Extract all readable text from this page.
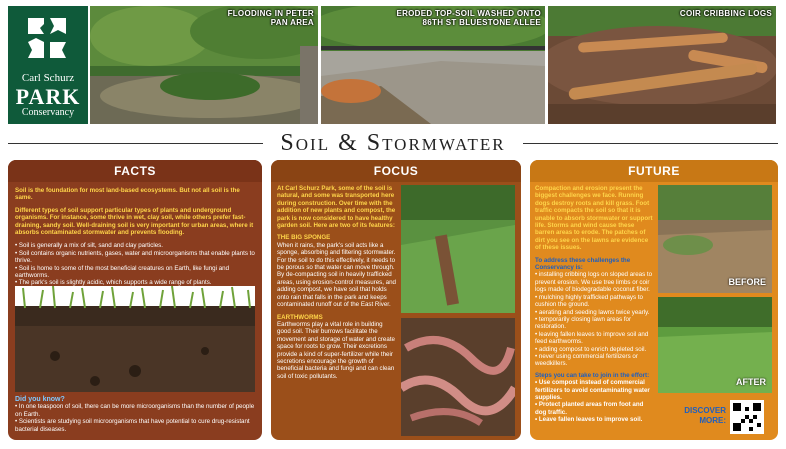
Carl Schurz
PARK
Conservancy
FLOODING IN PETER PAN AREA
ERODED TOP-SOIL WASHED ONTO 86TH ST BLUESTONE ALLEE
COIR CRIBBING LOGS
Soil & Stormwater
FACTS
Soil is the foundation for most land-based ecosystems. But not all soil is the same.
Different types of soil support particular types of plants and underground organisms. For instance, some thrive in wet, clay soil, while others prefer fast-draining, sandy soil. Well-draining soil is very important for urban areas, where it absorbs contaminated stormwater and prevents flooding.
• Soil is generally a mix of silt, sand and clay particles.
• Soil contains organic nutrients, gases, water and microorganisms that enable plants to thrive.
• Soil is home to some of the most beneficial creatures on Earth, like fungi and earthworms.
• The park's soil is slightly acidic, which supports a wide range of plants.
Did you know?
• In one teaspoon of soil, there can be more microorganisms than the number of people on Earth.
• Scientists are studying soil microorganisms that have potential to cure drug-resistant bacterial diseases.
FOCUS
At Carl Schurz Park, some of the soil is natural, and some was transported here during construction. Over time with the addition of new plants and compost, the park is now considered to have healthy garden soil. Here are two of its features:
THE BIG SPONGE
When it rains, the park's soil acts like a sponge, absorbing and filtering stormwater. For the soil to do this effectively, it needs to be porous so that water can move through. By de-compacting soil in heavily trafficked areas, using erosion-control measures, and adding compost, we have soil that holds onto rain that falls in the park and keeps contaminated runoff out of the East River.
EARTHWORMS
Earthworms play a vital role in building good soil. Their burrows facilitate the movement and storage of water and create space for roots to grow. Their excretions provide a kind of super-fertilizer while their secretions encourage the growth of beneficial bacteria and fungi and can clean soil of toxic pollutants.
FUTURE
Compaction and erosion present the biggest challenges we face. Running dogs destroy roots and kill grass. Foot traffic compacts the soil so that it is unable to absorb stormwater or support life. Storms and wind cause these barren areas to erode. The patches of dirt you see on the lawns are evidence of these issues.
To address these challenges the Conservancy is:
• installing cribbing logs on sloped areas to prevent erosion. We use tree limbs or coir logs made of biodegradable coconut fiber.
• mulching highly trafficked pathways to cushion the ground.
• aerating and seeding lawns twice yearly.
• temporarily closing lawn areas for restoration.
• leaving fallen leaves to improve soil and feed earthworms.
• adding compost to enrich depleted soil.
• never using commercial fertilizers or weedkillers.
Steps you can take to join in the effort:
• Use compost instead of commercial fertilizers to avoid contaminating water supplies.
• Protect planted areas from foot and dog traffic.
• Leave fallen leaves to improve soil.
BEFORE
AFTER
DISCOVER MORE:
